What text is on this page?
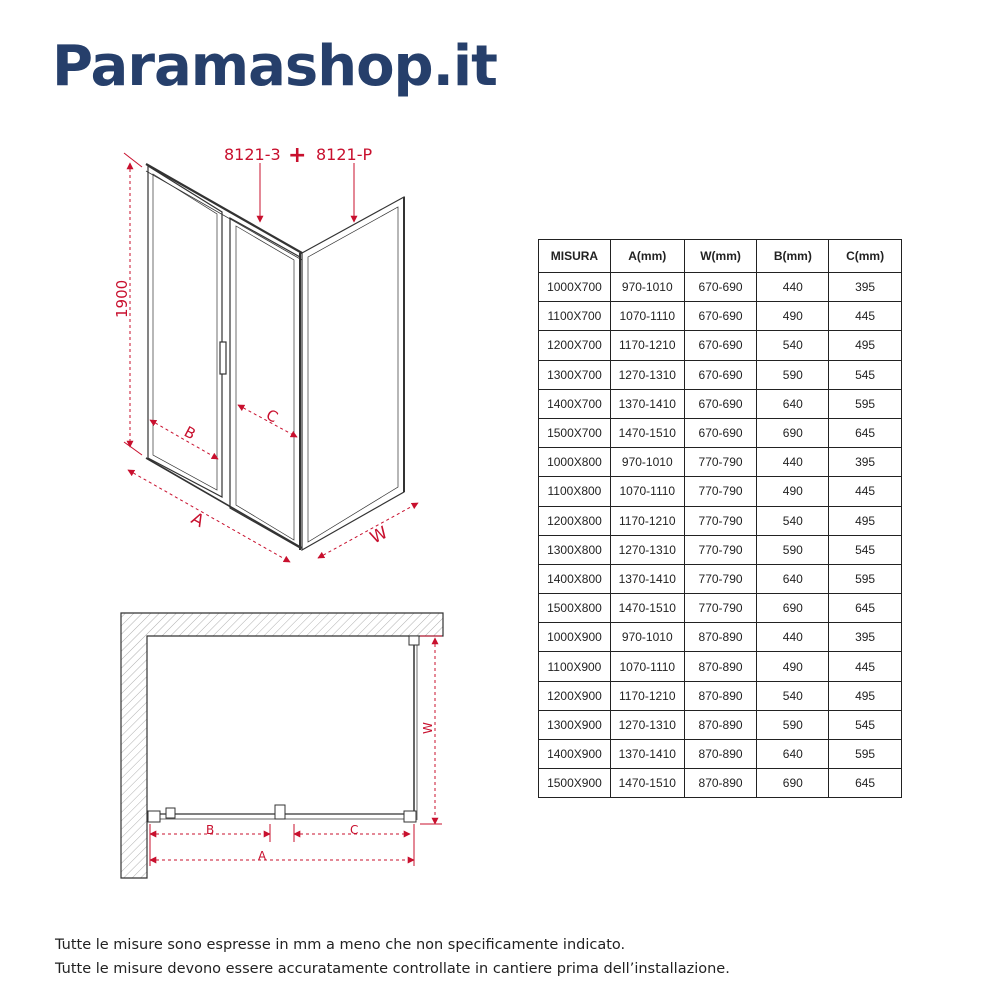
Paramashop.it
8121-3 + 8121-P
1900
A
B
C
W
W
B	C
A
MISURA	A(mm)	W(mm)	B(mm)	C(mm)
1000X700	970-1010	670-690	440	395
1100X700	1070-1110	670-690	490	445
1200X700	1170-1210	670-690	540	495
1300X700	1270-1310	670-690	590	545
1400X700	1370-1410	670-690	640	595
1500X700	1470-1510	670-690	690	645
1000X800	970-1010	770-790	440	395
1100X800	1070-1110	770-790	490	445
1200X800	1170-1210	770-790	540	495
1300X800	1270-1310	770-790	590	545
1400X800	1370-1410	770-790	640	595
1500X800	1470-1510	770-790	690	645
1000X900	970-1010	870-890	440	395
1100X900	1070-1110	870-890	490	445
1200X900	1170-1210	870-890	540	495
1300X900	1270-1310	870-890	590	545
1400X900	1370-1410	870-890	640	595
1500X900	1470-1510	870-890	690	645

Tutte le misure sono espresse in mm a meno che non specificamente indicato.

Tutte le misure devono essere accuratamente controllate in cantiere prima dell’installazione.
